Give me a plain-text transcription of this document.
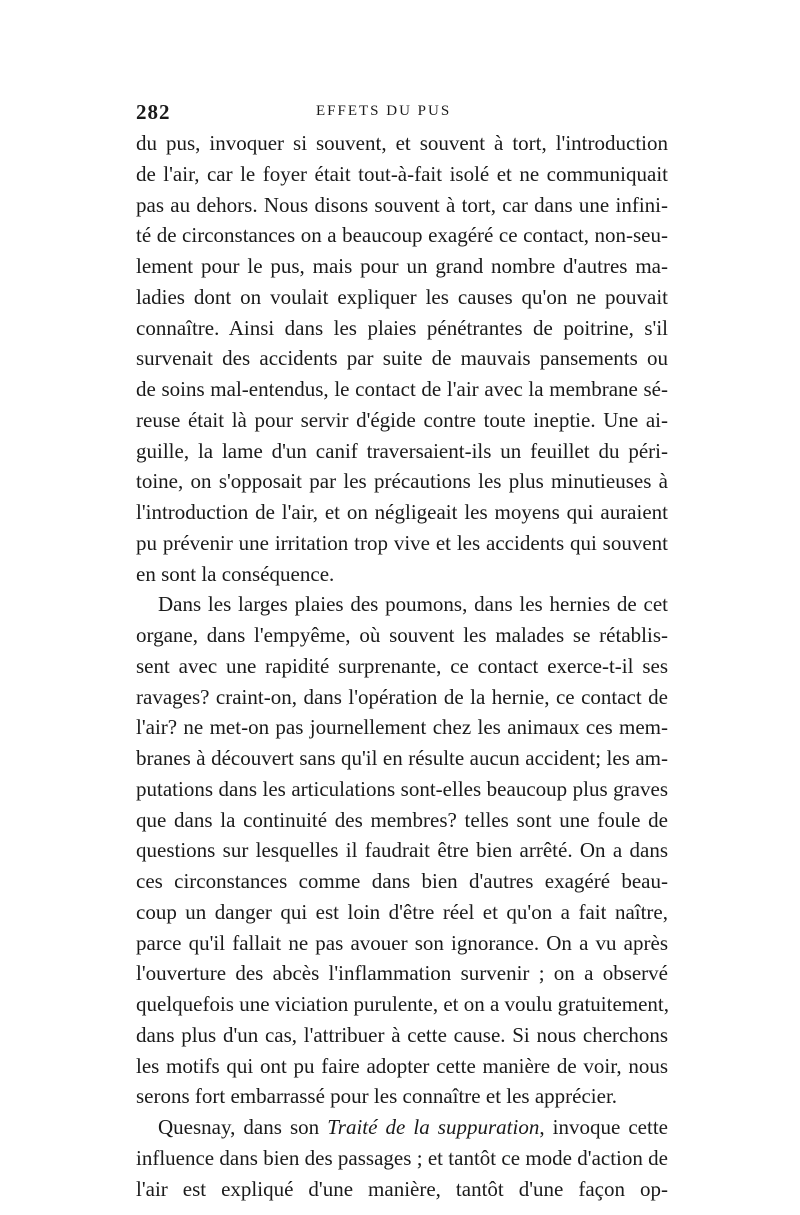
282	EFFETS DU PUS
du pus, invoquer si souvent, et souvent à tort, l'introduction
de l'air, car le foyer était tout-à-fait isolé et ne communiquait
pas au dehors. Nous disons souvent à tort, car dans une infini-
té de circonstances on a beaucoup exagéré ce contact, non-seu-
lement pour le pus, mais pour un grand nombre d'autres ma-
ladies dont on voulait expliquer les causes qu'on ne pouvait
connaître. Ainsi dans les plaies pénétrantes de poitrine, s'il
survenait des accidents par suite de mauvais pansements ou
de soins mal-entendus, le contact de l'air avec la membrane sé-
reuse était là pour servir d'égide contre toute ineptie. Une ai-
guille, la lame d'un canif traversaient-ils un feuillet du péri-
toine, on s'opposait par les précautions les plus minutieuses à
l'introduction de l'air, et on négligeait les moyens qui auraient
pu prévenir une irritation trop vive et les accidents qui souvent
en sont la conséquence.
Dans les larges plaies des poumons, dans les hernies de cet
organe, dans l'empyême, où souvent les malades se rétablis-
sent avec une rapidité surprenante, ce contact exerce-t-il ses
ravages? craint-on, dans l'opération de la hernie, ce contact de
l'air? ne met-on pas journellement chez les animaux ces mem-
branes à découvert sans qu'il en résulte aucun accident; les am-
putations dans les articulations sont-elles beaucoup plus graves
que dans la continuité des membres? telles sont une foule de
questions sur lesquelles il faudrait être bien arrêté. On a dans
ces circonstances comme dans bien d'autres exagéré beau-
coup un danger qui est loin d'être réel et qu'on a fait naître,
parce qu'il fallait ne pas avouer son ignorance. On a vu après
l'ouverture des abcès l'inflammation survenir ; on a observé
quelquefois une viciation purulente, et on a voulu gratuitement,
dans plus d'un cas, l'attribuer à cette cause. Si nous cherchons
les motifs qui ont pu faire adopter cette manière de voir, nous
serons fort embarrassé pour les connaître et les apprécier.
Quesnay, dans son Traité de la suppuration, invoque cette
influence dans bien des passages ; et tantôt ce mode d'action de
l'air est expliqué d'une manière, tantôt d'une façon op-
